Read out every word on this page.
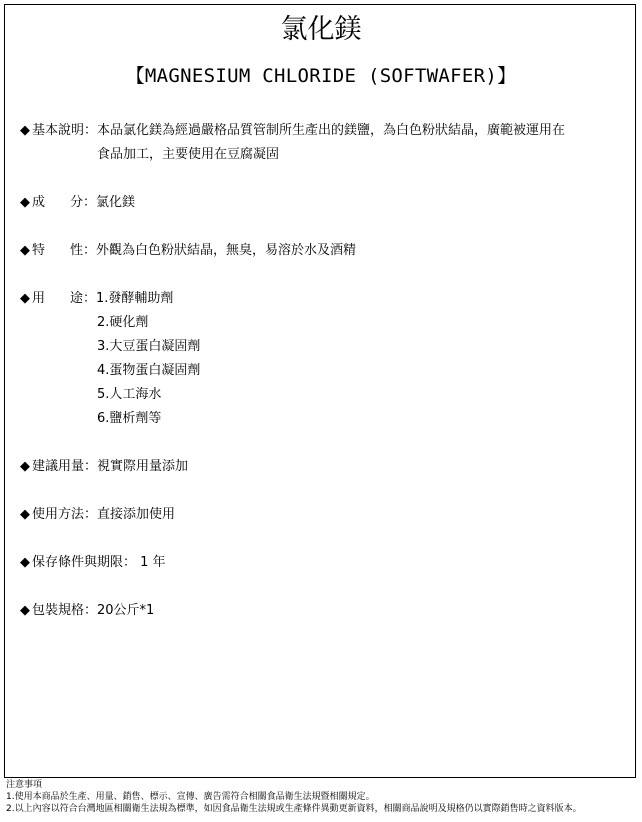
氯化鎂
【MAGNESIUM CHLORIDE (SOFTWAFER)】
◆ 基本說明：本品氯化鎂為經過嚴格品質管制所生產出的鎂鹽，為白色粉狀結晶，廣範被運用在
食品加工，主要使用在豆腐凝固
◆ 成 分：氯化鎂
◆ 特 性：外觀為白色粉狀結晶，無臭，易溶於水及酒精
◆ 用 途：1.發酵輔助劑
2.硬化劑
3.大豆蛋白凝固劑
4.蛋物蛋白凝固劑
5.人工海水
6.鹽析劑等
◆ 建議用量：視實際用量添加
◆ 使用方法：直接添加使用
◆ 保存條件與期限： 1 年
◆ 包裝規格：20公斤*1
注意事項
1.使用本商品於生產、用量、銷售、標示、宣傳、廣告需符合相關食品衛生法規暨相關規定。
2.以上內容以符合台灣地區相關衛生法規為標準，如因食品衛生法規或生產條件異動更新資料，相關商品說明及規格仍以實際銷售時之資料版本。
